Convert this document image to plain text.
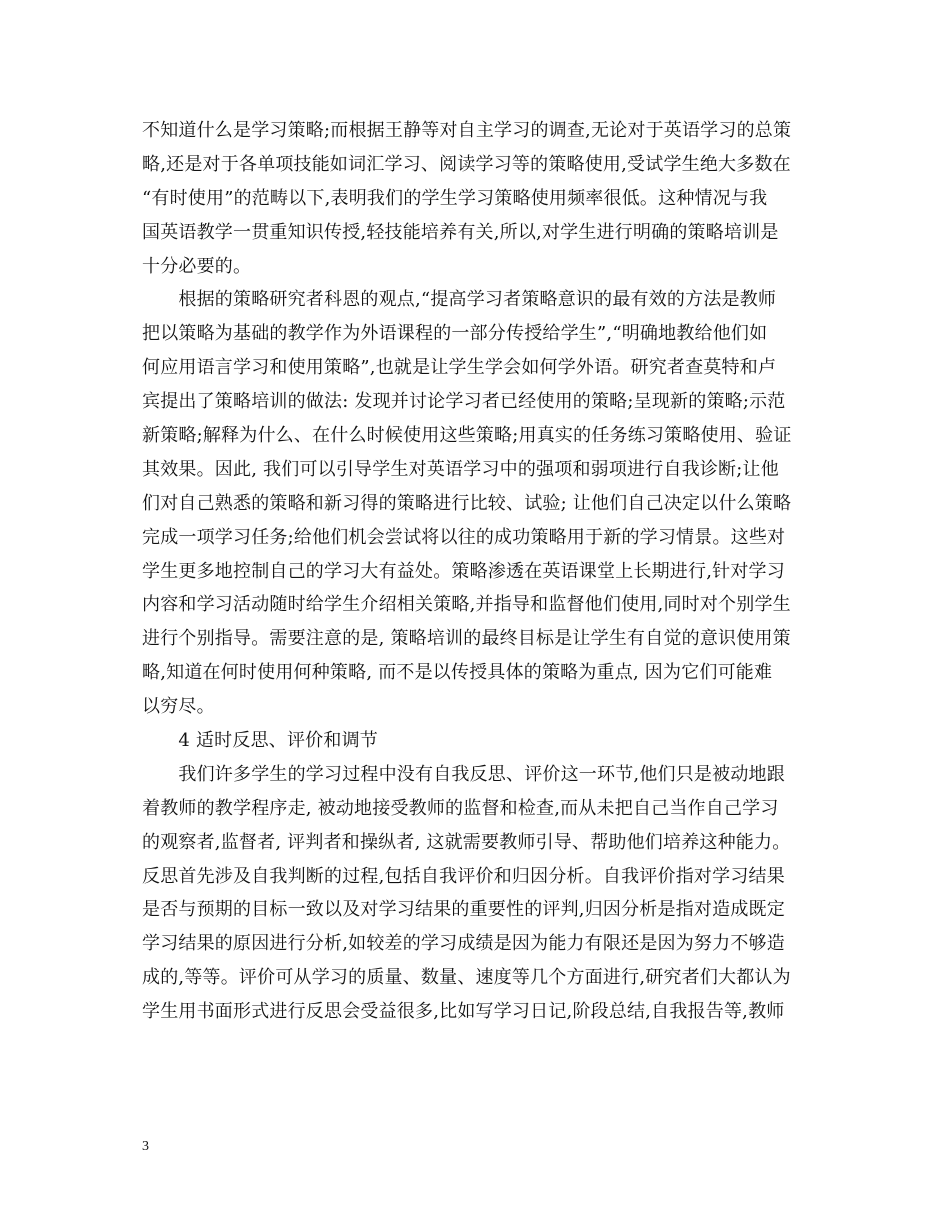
不知道什么是学习策略;而根据王静等对自主学习的调查,无论对于英语学习的总策
略,还是对于各单项技能如词汇学习、阅读学习等的策略使用,受试学生绝大多数在
“有时使用”的范畴以下,表明我们的学生学习策略使用频率很低。这种情况与我
国英语教学一贯重知识传授,轻技能培养有关,所以,对学生进行明确的策略培训是
十分必要的。
　　根据的策略研究者科恩的观点,“提高学习者策略意识的最有效的方法是教师
把以策略为基础的教学作为外语课程的一部分传授给学生”,“明确地教给他们如
何应用语言学习和使用策略”,也就是让学生学会如何学外语。研究者查莫特和卢
宾提出了策略培训的做法: 发现并讨论学习者已经使用的策略;呈现新的策略;示范
新策略;解释为什么、在什么时候使用这些策略;用真实的任务练习策略使用、验证
其效果。因此, 我们可以引导学生对英语学习中的强项和弱项进行自我诊断;让他
们对自己熟悉的策略和新习得的策略进行比较、试验; 让他们自己决定以什么策略
完成一项学习任务;给他们机会尝试将以往的成功策略用于新的学习情景。这些对
学生更多地控制自己的学习大有益处。策略渗透在英语课堂上长期进行,针对学习
内容和学习活动随时给学生介绍相关策略,并指导和监督他们使用,同时对个别学生
进行个别指导。需要注意的是, 策略培训的最终目标是让学生有自觉的意识使用策
略,知道在何时使用何种策略, 而不是以传授具体的策略为重点, 因为它们可能难
以穷尽。
　　4 适时反思、评价和调节
　　我们许多学生的学习过程中没有自我反思、评价这一环节,他们只是被动地跟
着教师的教学程序走, 被动地接受教师的监督和检查,而从未把自己当作自己学习
的观察者,监督者, 评判者和操纵者, 这就需要教师引导、帮助他们培养这种能力。
反思首先涉及自我判断的过程,包括自我评价和归因分析。自我评价指对学习结果
是否与预期的目标一致以及对学习结果的重要性的评判,归因分析是指对造成既定
学习结果的原因进行分析,如较差的学习成绩是因为能力有限还是因为努力不够造
成的,等等。评价可从学习的质量、数量、速度等几个方面进行,研究者们大都认为
学生用书面形式进行反思会受益很多,比如写学习日记,阶段总结,自我报告等,教师
3
